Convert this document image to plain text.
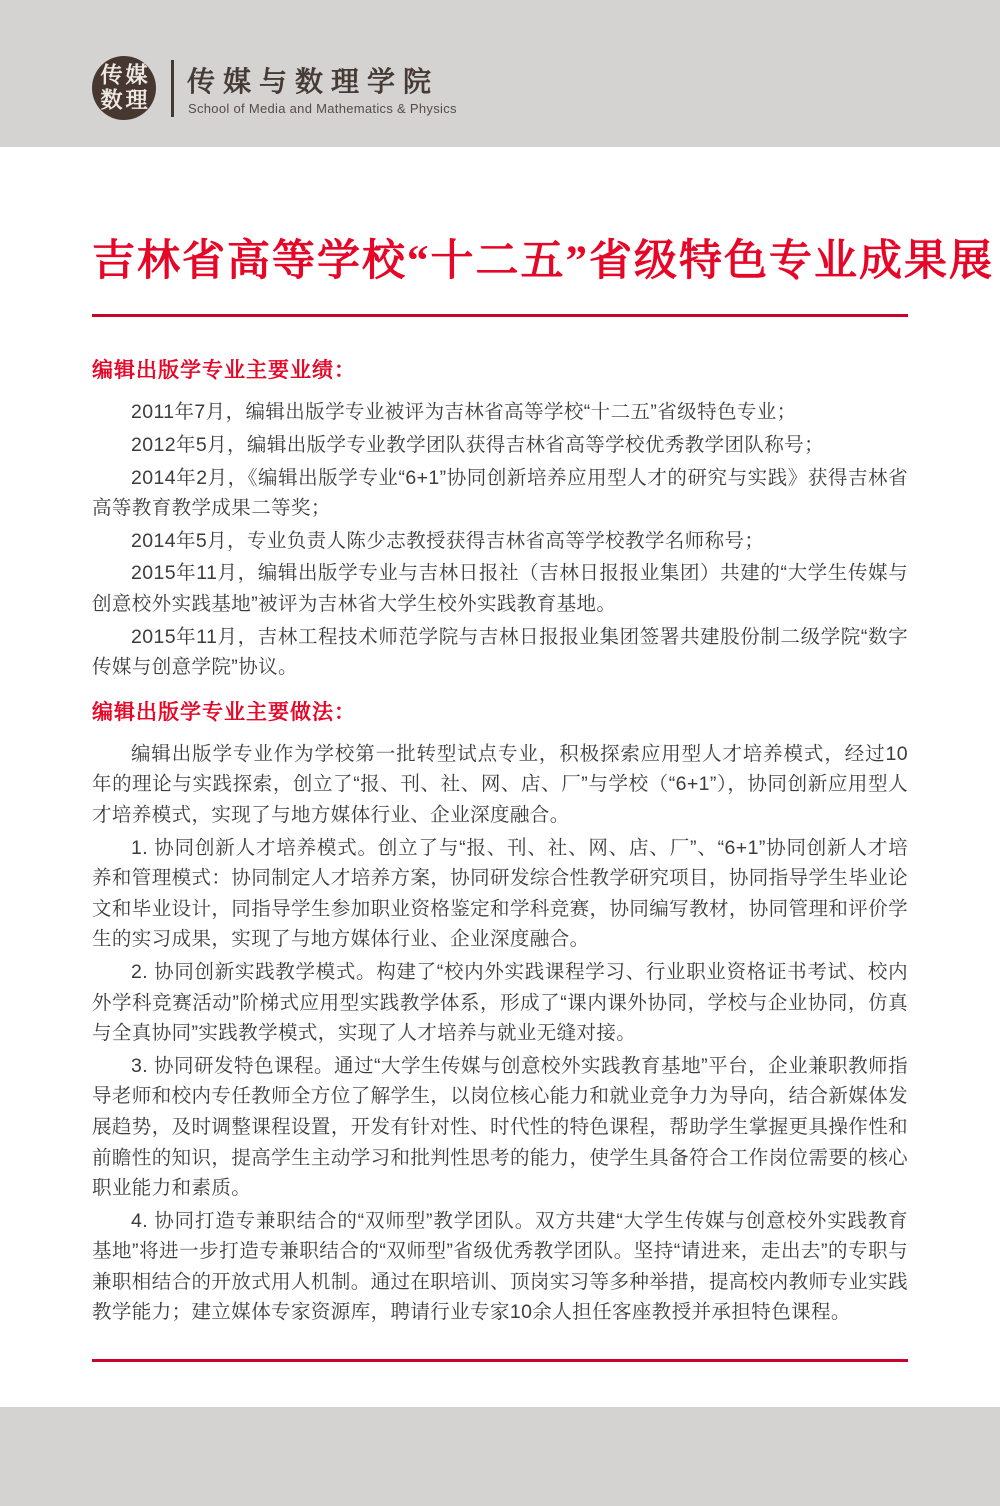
传 媒
数 理
传媒与数理学院
School of Media and Mathematics & Physics
吉林省高等学校“十二五”省级特色专业成果展
编辑出版学专业主要业绩：

2011年7月，编辑出版学专业被评为吉林省高等学校“十二五”省级特色专业；

2012年5月，编辑出版学专业教学团队获得吉林省高等学校优秀教学团队称号；

2014年2月，《编辑出版学专业“6+1”协同创新培养应用型人才的研究与实践》获得吉林省高等教育教学成果二等奖；

2014年5月，专业负责人陈少志教授获得吉林省高等学校教学名师称号；

2015年11月，编辑出版学专业与吉林日报社（吉林日报报业集团）共建的“大学生传媒与创意校外实践基地”被评为吉林省大学生校外实践教育基地。

2015年11月，吉林工程技术师范学院与吉林日报报业集团签署共建股份制二级学院“数字传媒与创意学院”协议。

编辑出版学专业主要做法：

编辑出版学专业作为学校第一批转型试点专业，积极探索应用型人才培养模式，经过10年的理论与实践探索，创立了“报、刊、社、网、店、厂”与学校（“6+1”），协同创新应用型人才培养模式，实现了与地方媒体行业、企业深度融合。

1. 协同创新人才培养模式。创立了与“报、刊、社、网、店、厂”、“6+1”协同创新人才培养和管理模式：协同制定人才培养方案，协同研发综合性教学研究项目，协同指导学生毕业论文和毕业设计，同指导学生参加职业资格鉴定和学科竞赛，协同编写教材，协同管理和评价学生的实习成果，实现了与地方媒体行业、企业深度融合。

2. 协同创新实践教学模式。构建了“校内外实践课程学习、行业职业资格证书考试、校内外学科竞赛活动”阶梯式应用型实践教学体系，形成了“课内课外协同，学校与企业协同，仿真与全真协同”实践教学模式，实现了人才培养与就业无缝对接。

3. 协同研发特色课程。通过“大学生传媒与创意校外实践教育基地”平台，企业兼职教师指导老师和校内专任教师全方位了解学生，以岗位核心能力和就业竞争力为导向，结合新媒体发展趋势，及时调整课程设置，开发有针对性、时代性的特色课程，帮助学生掌握更具操作性和前瞻性的知识，提高学生主动学习和批判性思考的能力，使学生具备符合工作岗位需要的核心职业能力和素质。

4. 协同打造专兼职结合的“双师型”教学团队。双方共建“大学生传媒与创意校外实践教育基地”将进一步打造专兼职结合的“双师型”省级优秀教学团队。坚持“请进来，走出去”的专职与兼职相结合的开放式用人机制。通过在职培训、顶岗实习等多种举措，提高校内教师专业实践教学能力；建立媒体专家资源库，聘请行业专家10余人担任客座教授并承担特色课程。
